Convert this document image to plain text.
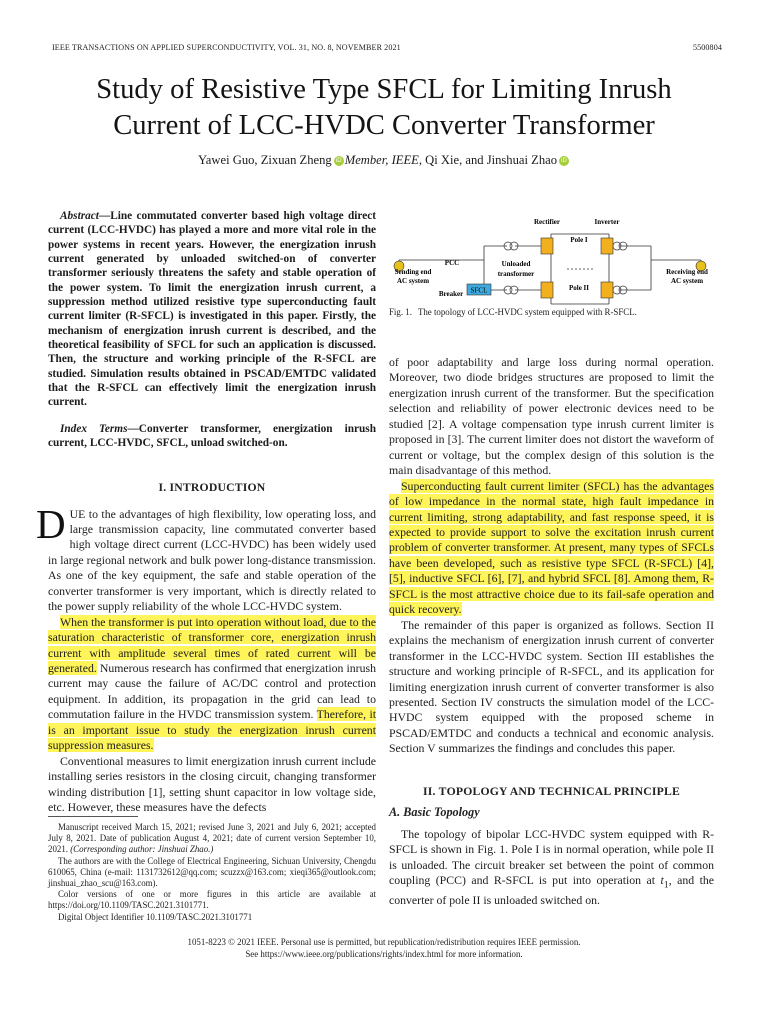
IEEE TRANSACTIONS ON APPLIED SUPERCONDUCTIVITY, VOL. 31, NO. 8, NOVEMBER 2021	5500804
Study of Resistive Type SFCL for Limiting Inrush
Current of LCC-HVDC Converter Transformer
Yawei Guo, Zixuan Zheng iD Member, IEEE, Qi Xie, and Jinshuai Zhao iD

Abstract—Line commutated converter based high voltage direct current (LCC-HVDC) has played a more and more vital role in the power systems in recent years. However, the energization inrush current generated by unloaded switched-on of converter transformer seriously threatens the safety and stable operation of the power system. To limit the energization inrush current, a suppression method utilized resistive type superconducting fault current limiter (R-SFCL) is investigated in this paper. Firstly, the mechanism of energization inrush current is described, and the theoretical feasibility of SFCL for such an application is discussed. Then, the structure and working principle of the R-SFCL are studied. Simulation results obtained in PSCAD/EMTDC validated that the R-SFCL can effectively limit the energization inrush current.

Index Terms—Converter transformer, energization inrush current, LCC-HVDC, SFCL, unload switched-on.

I. INTRODUCTION

DUE to the advantages of high flexibility, low operating loss, and large transmission capacity, line commutated converter based high voltage direct current (LCC-HVDC) has been widely used in large regional network and bulk power long-distance transmission. As one of the key equipment, the safe and stable operation of the converter transformer is very important, which is directly related to the power supply reliability of the whole LCC-HVDC system.

When the transformer is put into operation without load, due to the saturation characteristic of transformer core, energization inrush current with amplitude several times of rated current will be generated. Numerous research has confirmed that energization inrush current may cause the failure of AC/DC control and protection equipment. In addition, its propagation in the grid can lead to commutation failure in the HVDC transmission system. Therefore, it is an important issue to study the energization inrush current suppression measures.

Conventional measures to limit energization inrush current include installing series resistors in the closing circuit, changing transformer winding distribution [1], setting shunt capacitor in low voltage side, etc. However, these measures have the defects

SFCL
Rectifier	Inverter
Pole I
Pole II
PCC	Unloaded
transformer
Sending end
AC system
Receiving end
AC system
Breaker
Fig. 1. The topology of LCC-HVDC system equipped with R-SFCL.

of poor adaptability and large loss during normal operation. Moreover, two diode bridges structures are proposed to limit the energization inrush current of the transformer. But the specification selection and reliability of power electronic devices need to be studied [2]. A voltage compensation type inrush current limiter is proposed in [3]. The current limiter does not distort the waveform of current or voltage, but the complex design of this solution is the main disadvantage of this method.

Superconducting fault current limiter (SFCL) has the advantages of low impedance in the normal state, high fault impedance in current limiting, strong adaptability, and fast response speed, it is expected to provide support to solve the excitation inrush current problem of converter transformer. At present, many types of SFCLs have been developed, such as resistive type SFCL (R-SFCL) [4], [5], inductive SFCL [6], [7], and hybrid SFCL [8]. Among them, R-SFCL is the most attractive choice due to its fail-safe operation and quick recovery.

The remainder of this paper is organized as follows. Section II explains the mechanism of energization inrush current of converter transformer in the LCC-HVDC system. Section III establishes the structure and working principle of R-SFCL, and its application for limiting energization inrush current of converter transformer is also presented. Section IV constructs the simulation model of the LCC-HVDC system equipped with the proposed scheme in PSCAD/EMTDC and conducts a technical and economic analysis. Section V summarizes the findings and concludes this paper.

II. TOPOLOGY AND TECHNICAL PRINCIPLE
A. Basic Topology

The topology of bipolar LCC-HVDC system equipped with R-SFCL is shown in Fig. 1. Pole I is in normal operation, while pole II is unloaded. The circuit breaker set between the point of common coupling (PCC) and R-SFCL is put into operation at $t_1$, and the converter of pole II is unloaded switched on.

Manuscript received March 15, 2021; revised June 3, 2021 and July 6, 2021; accepted July 8, 2021. Date of publication August 4, 2021; date of current version September 10, 2021. (Corresponding author: Jinshuai Zhao.)

The authors are with the College of Electrical Engineering, Sichuan University, Chengdu 610065, China (e-mail: 1131732612@qq.com; scuzzx@163.com; xieqi365@outlook.com; jinshuai_zhao_scu@163.com).

Color versions of one or more figures in this article are available at https://doi.org/10.1109/TASC.2021.3101771.

Digital Object Identifier 10.1109/TASC.2021.3101771

1051-8223 © 2021 IEEE. Personal use is permitted, but republication/redistribution requires IEEE permission.
See https://www.ieee.org/publications/rights/index.html for more information.
